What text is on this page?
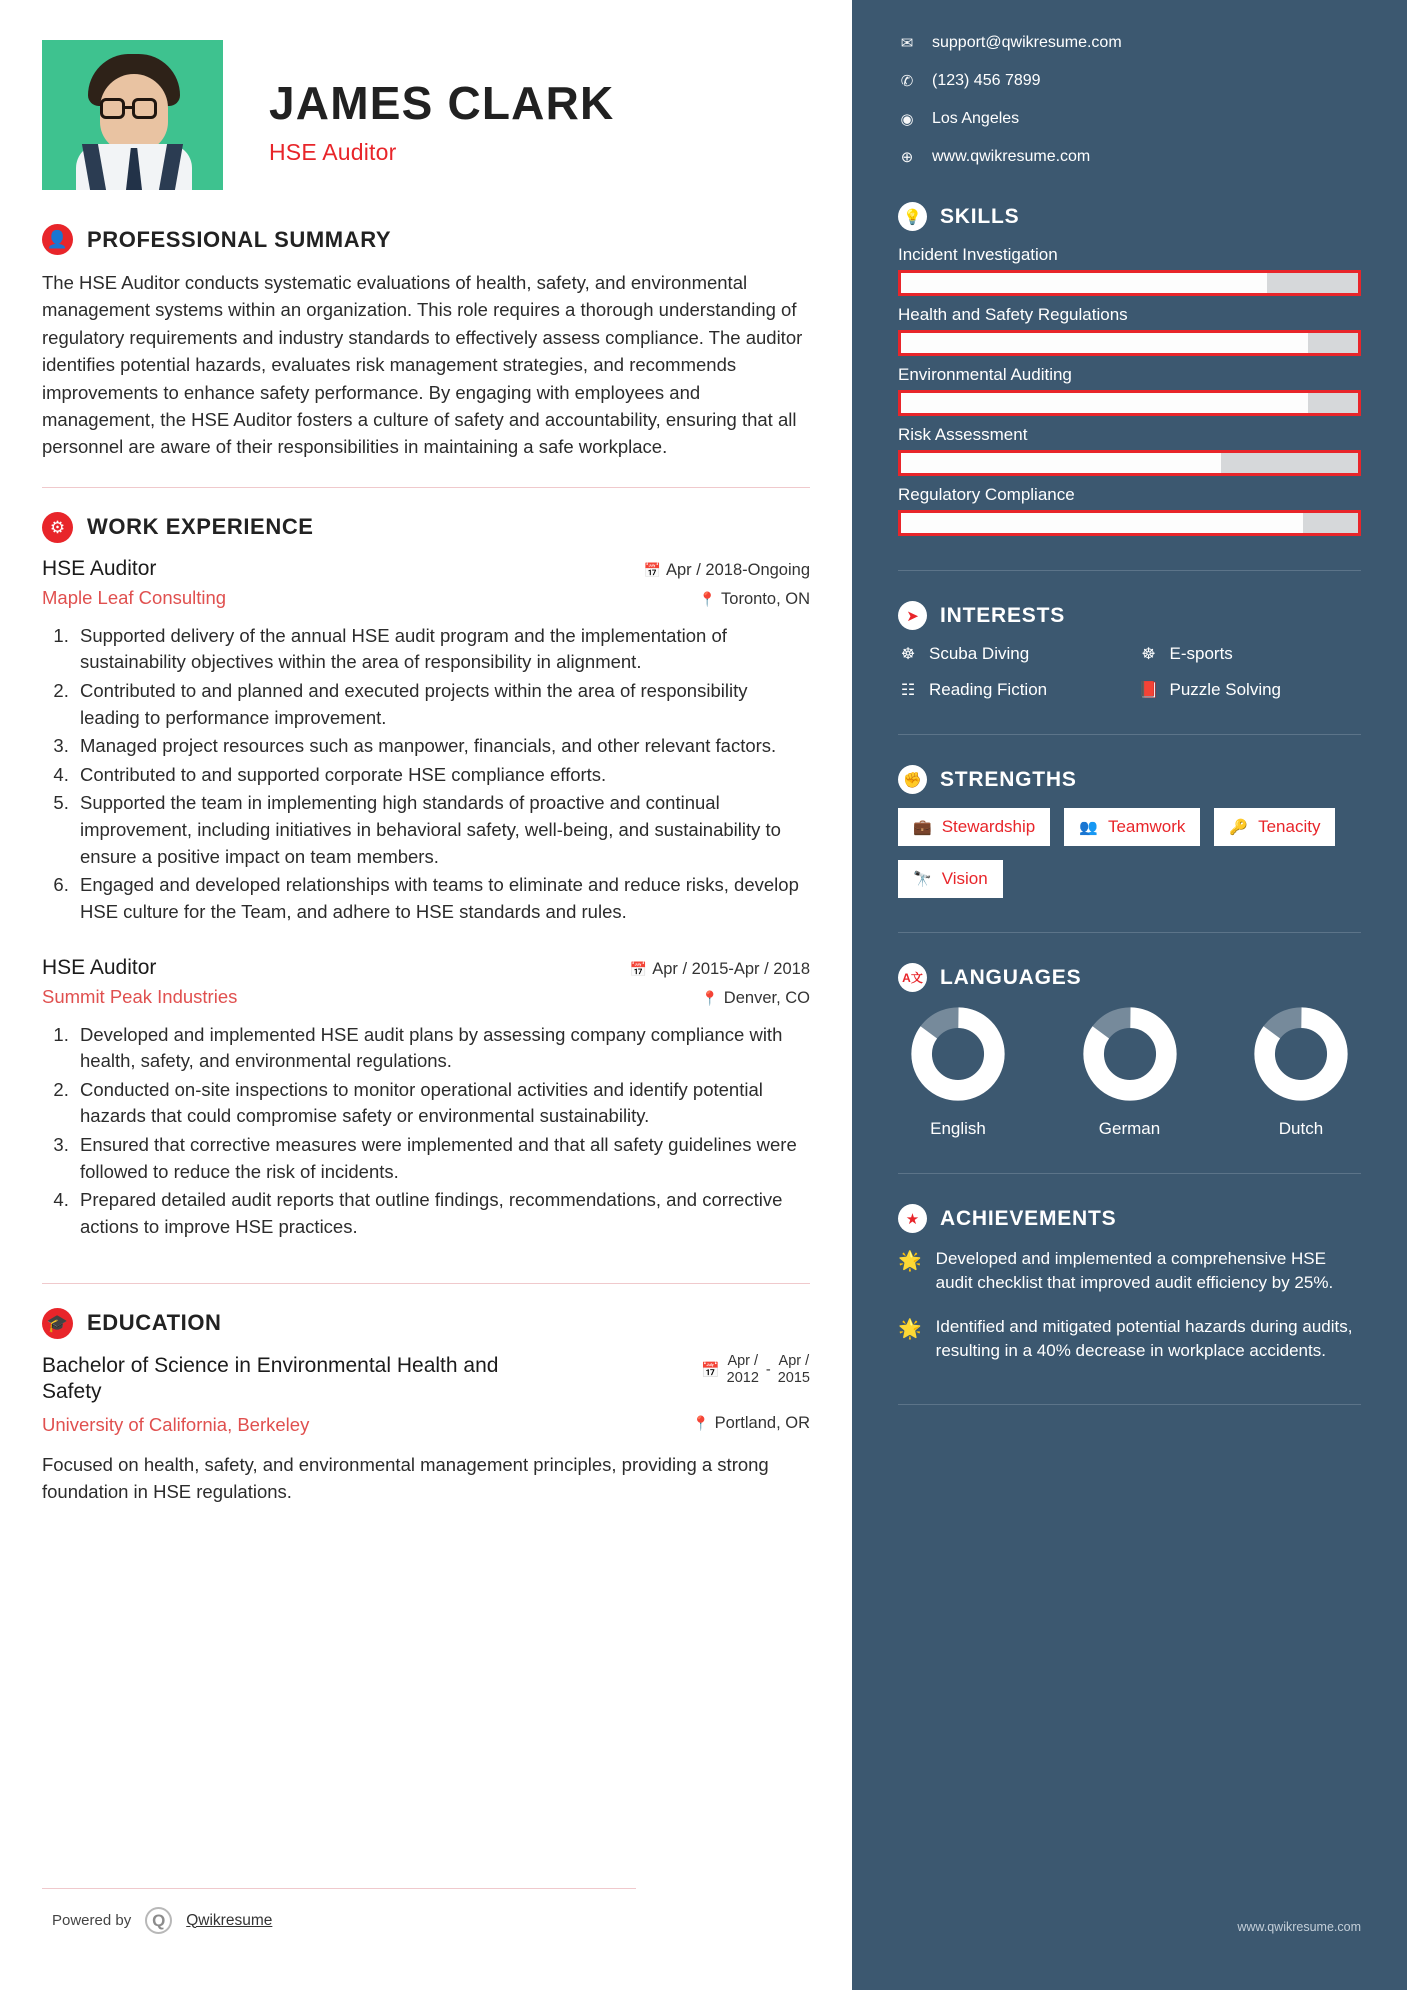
JAMES CLARK
HSE Auditor
👤 PROFESSIONAL SUMMARY
The HSE Auditor conducts systematic evaluations of health, safety, and environmental management systems within an organization. This role requires a thorough understanding of regulatory requirements and industry standards to effectively assess compliance. The auditor identifies potential hazards, evaluates risk management strategies, and recommends improvements to enhance safety performance. By engaging with employees and management, the HSE Auditor fosters a culture of safety and accountability, ensuring that all personnel are aware of their responsibilities in maintaining a safe workplace.
⚙ WORK EXPERIENCE
HSE Auditor	📅 Apr / 2018-Ongoing
Maple Leaf Consulting	📍 Toronto, ON
1. Supported delivery of the annual HSE audit program and the implementation of sustainability objectives within the area of responsibility in alignment.
2. Contributed to and planned and executed projects within the area of responsibility leading to performance improvement.
3. Managed project resources such as manpower, financials, and other relevant factors.
4. Contributed to and supported corporate HSE compliance efforts.
5. Supported the team in implementing high standards of proactive and continual improvement, including initiatives in behavioral safety, well-being, and sustainability to ensure a positive impact on team members.
6. Engaged and developed relationships with teams to eliminate and reduce risks, develop HSE culture for the Team, and adhere to HSE standards and rules.
HSE Auditor	📅 Apr / 2015-Apr / 2018
Summit Peak Industries	📍 Denver, CO
1. Developed and implemented HSE audit plans by assessing company compliance with health, safety, and environmental regulations.
2. Conducted on-site inspections to monitor operational activities and identify potential hazards that could compromise safety or environmental sustainability.
3. Ensured that corrective measures were implemented and that all safety guidelines were followed to reduce the risk of incidents.
4. Prepared detailed audit reports that outline findings, recommendations, and corrective actions to improve HSE practices.
🎓 EDUCATION
Bachelor of Science in Environmental Health and Safety
📅
Apr /
2012 -
Apr /
2015
University of California, Berkeley	📍 Portland, OR
Focused on health, safety, and environmental management principles, providing a strong foundation in HSE regulations.
Powered by	Q	Qwikresume
✉ support@qwikresume.com
✆ (123) 456 7899
◉ Los Angeles
⊕ www.qwikresume.com
💡 SKILLS
Incident Investigation
Health and Safety Regulations
Environmental Auditing
Risk Assessment
Regulatory Compliance
➤	INTERESTS
☸ Scuba Diving	☸ E-sports
☷ Reading Fiction	📕 Puzzle Solving
✊ STRENGTHS
💼 Stewardship	👥 Teamwork	🔑 Tenacity
🔭 Vision
A文 LANGUAGES
English	German	Dutch
★ ACHIEVEMENTS
🌟 Developed and implemented a comprehensive HSE audit checklist that improved audit efficiency by 25%.
🌟 Identified and mitigated potential hazards during audits, resulting in a 40% decrease in workplace accidents.
www.qwikresume.com
